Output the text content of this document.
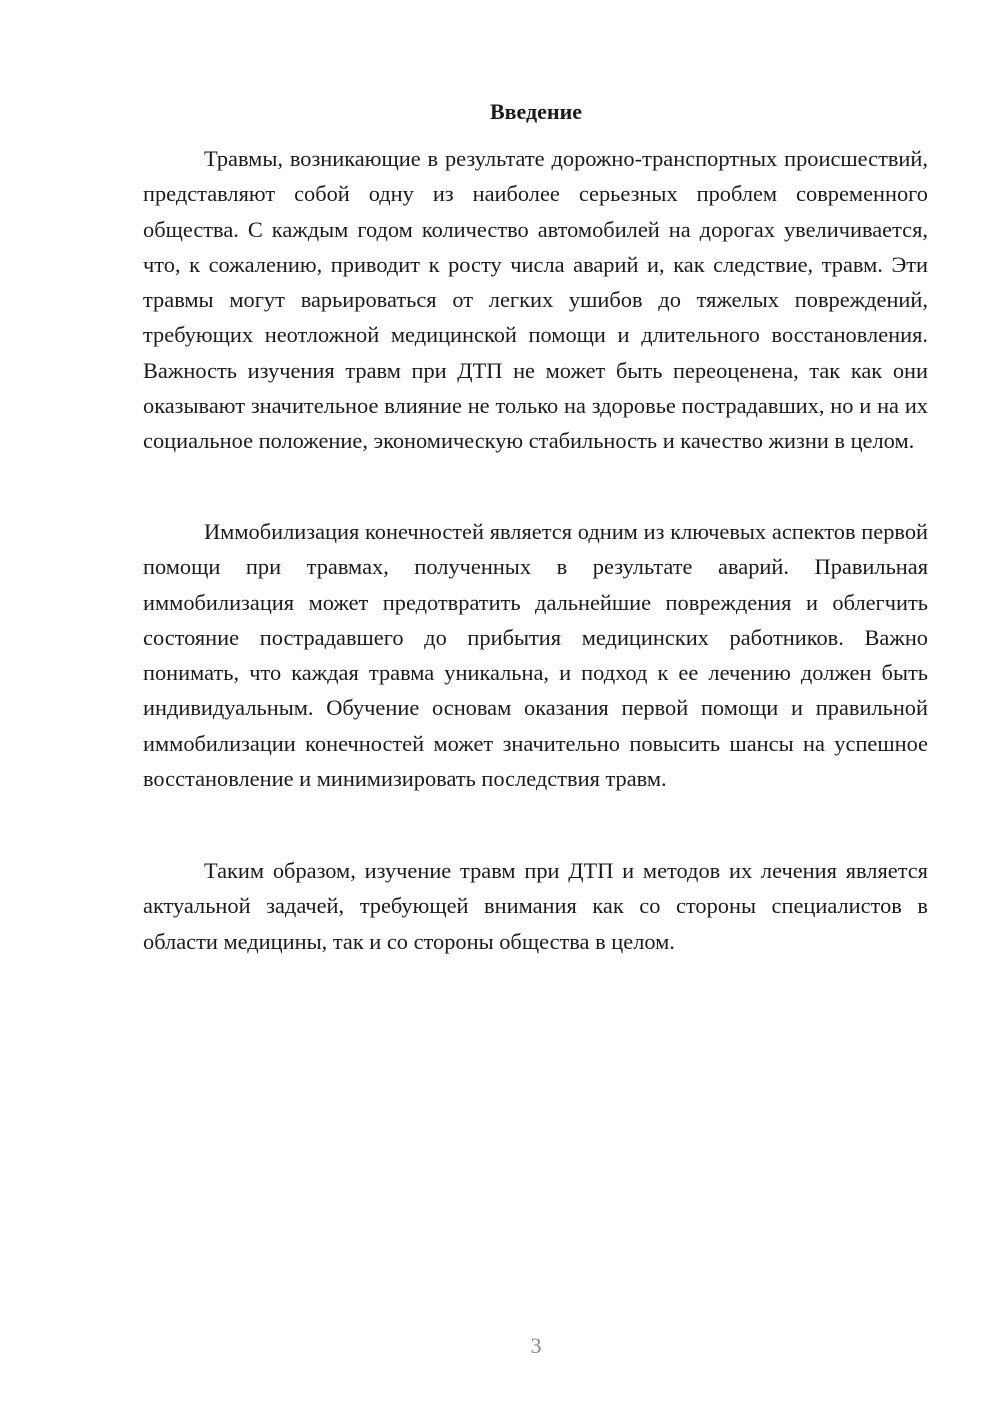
Введение

Травмы, возникающие в результате дорожно-транспортных происшествий, представляют собой одну из наиболее серьезных проблем современного общества. С каждым годом количество автомобилей на дорогах увеличивается, что, к сожалению, приводит к росту числа аварий и, как следствие, травм. Эти травмы могут варьироваться от легких ушибов до тяжелых повреждений, требующих неотложной медицинской помощи и длительного восстановления. Важность изучения травм при ДТП не может быть переоценена, так как они оказывают значительное влияние не только на здоровье пострадавших, но и на их социальное положение, экономическую стабильность и качество жизни в целом.

Иммобилизация конечностей является одним из ключевых аспектов первой помощи при травмах, полученных в результате аварий. Правильная иммобилизация может предотвратить дальнейшие повреждения и облегчить состояние пострадавшего до прибытия медицинских работников. Важно понимать, что каждая травма уникальна, и подход к ее лечению должен быть индивидуальным. Обучение основам оказания первой помощи и правильной иммобилизации конечностей может значительно повысить шансы на успешное восстановление и минимизировать последствия травм.

Таким образом, изучение травм при ДТП и методов их лечения является актуальной задачей, требующей внимания как со стороны специалистов в области медицины, так и со стороны общества в целом.

3
